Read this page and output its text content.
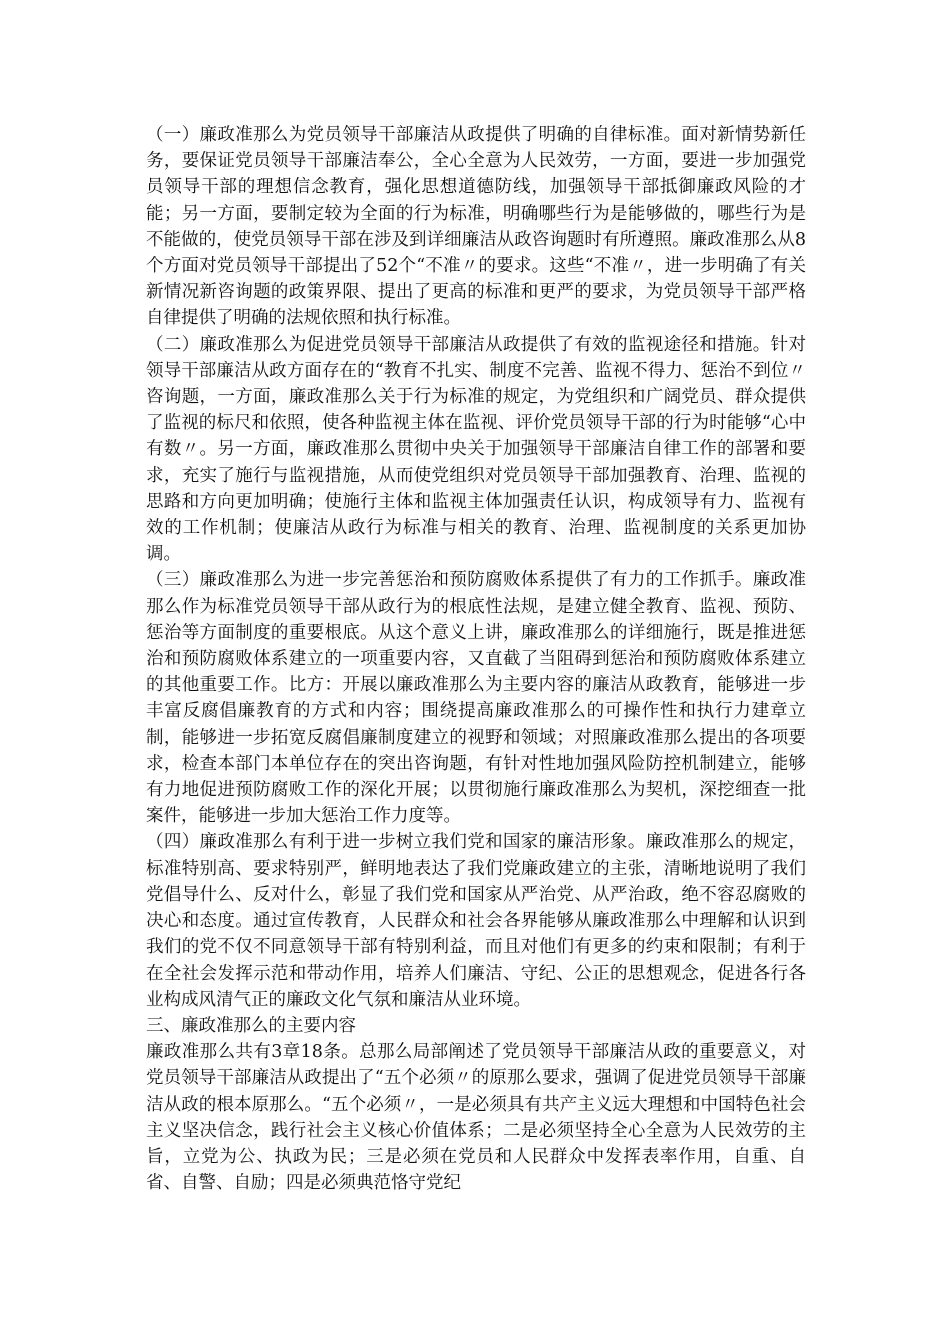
（一）廉政准那么为党员领导干部廉洁从政提供了明确的自律标准。面对新情势新任务，要保证党员领导干部廉洁奉公，全心全意为人民效劳，一方面，要进一步加强党员领导干部的理想信念教育，强化思想道德防线，加强领导干部抵御廉政风险的才能；另一方面，要制定较为全面的行为标准，明确哪些行为是能够做的，哪些行为是不能做的，使党员领导干部在涉及到详细廉洁从政咨询题时有所遵照。廉政准那么从8个方面对党员领导干部提出了52个“不准〃的要求。这些“不准〃，进一步明确了有关新情况新咨询题的政策界限、提出了更高的标准和更严的要求，为党员领导干部严格自律提供了明确的法规依照和执行标准。

（二）廉政准那么为促进党员领导干部廉洁从政提供了有效的监视途径和措施。针对领导干部廉洁从政方面存在的“教育不扎实、制度不完善、监视不得力、惩治不到位〃咨询题，一方面，廉政准那么关于行为标准的规定，为党组织和广阔党员、群众提供了监视的标尺和依照，使各种监视主体在监视、评价党员领导干部的行为时能够“心中有数〃。另一方面，廉政准那么贯彻中央关于加强领导干部廉洁自律工作的部署和要求，充实了施行与监视措施，从而使党组织对党员领导干部加强教育、治理、监视的思路和方向更加明确；使施行主体和监视主体加强责任认识，构成领导有力、监视有效的工作机制；使廉洁从政行为标准与相关的教育、治理、监视制度的关系更加协调。

（三）廉政准那么为进一步完善惩治和预防腐败体系提供了有力的工作抓手。廉政准那么作为标准党员领导干部从政行为的根底性法规，是建立健全教育、监视、预防、惩治等方面制度的重要根底。从这个意义上讲，廉政准那么的详细施行，既是推进惩治和预防腐败体系建立的一项重要内容，又直截了当阻碍到惩治和预防腐败体系建立的其他重要工作。比方：开展以廉政准那么为主要内容的廉洁从政教育，能够进一步丰富反腐倡廉教育的方式和内容；围绕提高廉政准那么的可操作性和执行力建章立制，能够进一步拓宽反腐倡廉制度建立的视野和领域；对照廉政准那么提出的各项要求，检查本部门本单位存在的突出咨询题，有针对性地加强风险防控机制建立，能够有力地促进预防腐败工作的深化开展；以贯彻施行廉政准那么为契机，深挖细查一批案件，能够进一步加大惩治工作力度等。

（四）廉政准那么有利于进一步树立我们党和国家的廉洁形象。廉政准那么的规定，标准特别高、要求特别严，鲜明地表达了我们党廉政建立的主张，清晰地说明了我们党倡导什么、反对什么，彰显了我们党和国家从严治党、从严治政，绝不容忍腐败的决心和态度。通过宣传教育，人民群众和社会各界能够从廉政准那么中理解和认识到我们的党不仅不同意领导干部有特别利益，而且对他们有更多的约束和限制；有利于在全社会发挥示范和带动作用，培养人们廉洁、守纪、公正的思想观念，促进各行各业构成风清气正的廉政文化气氛和廉洁从业环境。

三、廉政准那么的主要内容

廉政准那么共有3章18条。总那么局部阐述了党员领导干部廉洁从政的重要意义，对党员领导干部廉洁从政提出了“五个必须〃的原那么要求，强调了促进党员领导干部廉洁从政的根本原那么。“五个必须〃，一是必须具有共产主义远大理想和中国特色社会主义坚决信念，践行社会主义核心价值体系；二是必须坚持全心全意为人民效劳的主旨，立党为公、执政为民；三是必须在党员和人民群众中发挥表率作用，自重、自省、自警、自励；四是必须典范恪守党纪
